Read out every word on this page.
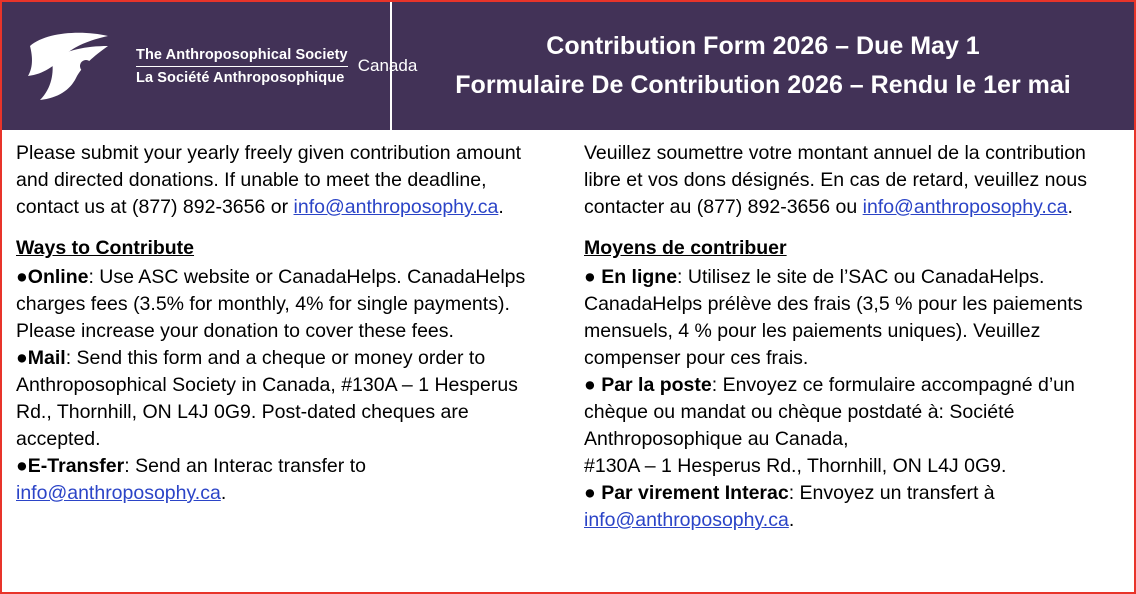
The Anthroposophical Society
La Société Anthroposophique
Canada
Contribution Form 2026 – Due May 1
Formulaire De Contribution 2026 – Rendu le 1er mai

Please submit your yearly freely given contribution amount and directed donations. If unable to meet the deadline, contact us at (877) 892-3656 or info@anthroposophy.ca.

Ways to Contribute

●Online: Use ASC website or CanadaHelps. CanadaHelps charges fees (3.5% for monthly, 4% for single payments). Please increase your donation to cover these fees.

●Mail: Send this form and a cheque or money order to Anthroposophical Society in Canada, #130A – 1 Hesperus Rd., Thornhill, ON L4J 0G9. Post-dated cheques are accepted.

●E-Transfer: Send an Interac transfer to info@anthroposophy.ca.

Veuillez soumettre votre montant annuel de la contribution libre et vos dons désignés. En cas de retard, veuillez nous contacter au (877) 892-3656 ou info@anthroposophy.ca.

Moyens de contribuer

● En ligne: Utilisez le site de l’SAC ou CanadaHelps. CanadaHelps prélève des frais (3,5 % pour les paiements mensuels, 4 % pour les paiements uniques). Veuillez compenser pour ces frais.

● Par la poste: Envoyez ce formulaire accompagné d’un chèque ou mandat ou chèque postdaté à: Société Anthroposophique au Canada,

#130A – 1 Hesperus Rd., Thornhill, ON L4J 0G9.

● Par virement Interac: Envoyez un transfert à info@anthroposophy.ca.
